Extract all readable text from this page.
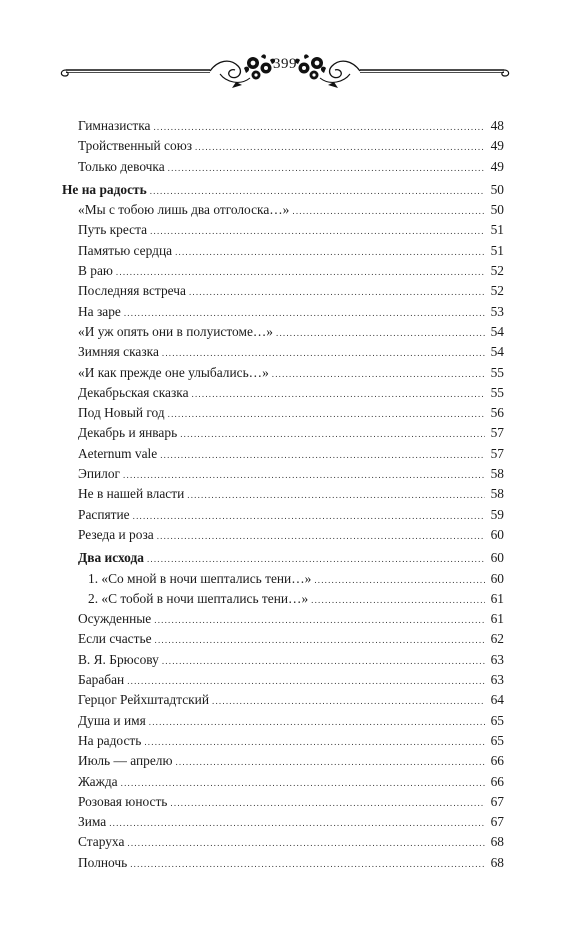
399
Гимназистка .....	48
Тройственный союз .....	49
Только девочка .....	49
Не на радость .....	50
«Мы с тобою лишь два отголоска…» .....	50
Путь креста .....	51
Памятью сердца .....	51
В раю .....	52
Последняя встреча .....	52
На заре .....	53
«И уж опять они в полуистоме…» .....	54
Зимняя сказка .....	54
«И как прежде оне улыбались…» .....	55
Декабрьская сказка .....	55
Под Новый год .....	56
Декабрь и январь .....	57
Aeternum vale .....	57
Эпилог .....	58
Не в нашей власти .....	58
Распятие .....	59
Резеда и роза .....	60
Два исхода .....	60
1. «Со мной в ночи шептались тени…» .....	60
2. «С тобой в ночи шептались тени…» .....	61
Осужденные .....	61
Если счастье .....	62
В. Я. Брюсову .....	63
Барабан .....	63
Герцог Рейхштадтский .....	64
Душа и имя .....	65
На радость .....	65
Июль — апрелю .....	66
Жажда .....	66
Розовая юность .....	67
Зима .....	67
Старуха .....	68
Полночь .....	68
